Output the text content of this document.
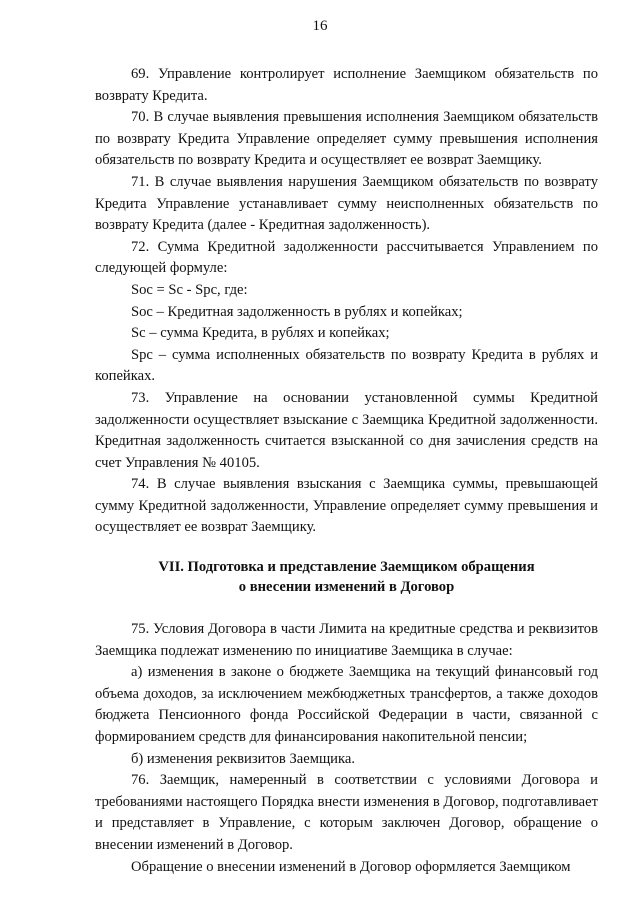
16

69. Управление контролирует исполнение Заемщиком обязательств по возврату Кредита.

70. В случае выявления превышения исполнения Заемщиком обязательств по возврату Кредита Управление определяет сумму превышения исполнения обязательств по возврату Кредита и осуществляет ее возврат Заемщику.

71. В случае выявления нарушения Заемщиком обязательств по возврату Кредита Управление устанавливает сумму неисполненных обязательств по возврату Кредита (далее - Кредитная задолженность).

72. Сумма Кредитной задолженности рассчитывается Управлением по следующей формуле:

Soc = Sc - Spc, где:

Soc – Кредитная задолженность в рублях и копейках;

Sc – сумма Кредита, в рублях и копейках;

Spc – сумма исполненных обязательств по возврату Кредита в рублях и копейках.

73. Управление на основании установленной суммы Кредитной задолженности осуществляет взыскание с Заемщика Кредитной задолженности. Кредитная задолженность считается взысканной со дня зачисления средств на счет Управления № 40105.

74. В случае выявления взыскания с Заемщика суммы, превышающей сумму Кредитной задолженности, Управление определяет сумму превышения и осуществляет ее возврат Заемщику.

VII. Подготовка и представление Заемщиком обращения
о внесении изменений в Договор

75. Условия Договора в части Лимита на кредитные средства и реквизитов Заемщика подлежат изменению по инициативе Заемщика в случае:

а) изменения в законе о бюджете Заемщика на текущий финансовый год объема доходов, за исключением межбюджетных трансфертов, а также доходов бюджета Пенсионного фонда Российской Федерации в части, связанной с формированием средств для финансирования накопительной пенсии;

б) изменения реквизитов Заемщика.

76. Заемщик, намеренный в соответствии с условиями Договора и требованиями настоящего Порядка внести изменения в Договор, подготавливает и представляет в Управление, с которым заключен Договор, обращение о внесении изменений в Договор.

Обращение о внесении изменений в Договор оформляется Заемщиком
